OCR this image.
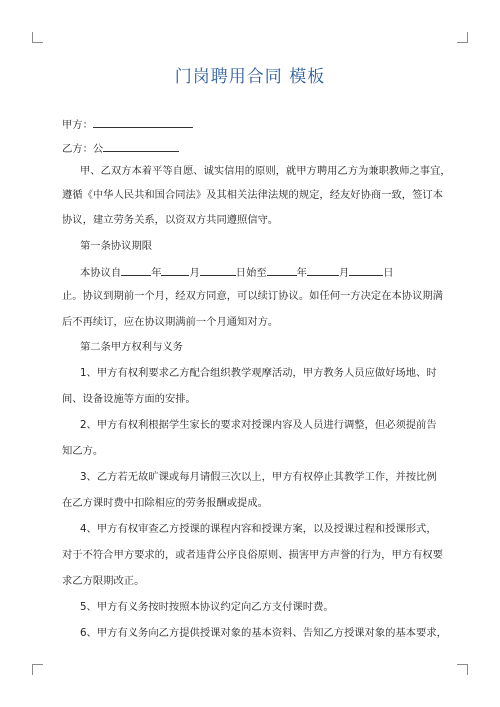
门岗聘用合同 模板
甲方：
乙方：公
甲、乙双方本着平等自愿、诚实信用的原则，就甲方聘用乙方为兼职教师之事宜，
遵循《中华人民共和国合同法》及其相关法律法规的规定，经友好协商一致，签订本
协议，建立劳务关系，以资双方共同遵照信守。
第一条协议期限
本协议自	年	月	日始至	年	月	日
止。协议到期前一个月，经双方同意，可以续订协议。如任何一方决定在本协议期满
后不再续订，应在协议期满前一个月通知对方。
第二条甲方权利与义务
1、甲方有权利要求乙方配合组织教学观摩活动，甲方教务人员应做好场地、时
间、设备设施等方面的安排。
2、甲方有权利根据学生家长的要求对授课内容及人员进行调整，但必须提前告
知乙方。
3、乙方若无故旷课或每月请假三次以上，甲方有权停止其教学工作，并按比例
在乙方课时费中扣除相应的劳务报酬或提成。
4、甲方有权审查乙方授课的课程内容和授课方案，以及授课过程和授课形式，
对于不符合甲方要求的，或者违背公序良俗原则、损害甲方声誉的行为，甲方有权要
求乙方限期改正。
5、甲方有义务按时按照本协议约定向乙方支付课时费。
6、甲方有义务向乙方提供授课对象的基本资料、告知乙方授课对象的基本要求，
